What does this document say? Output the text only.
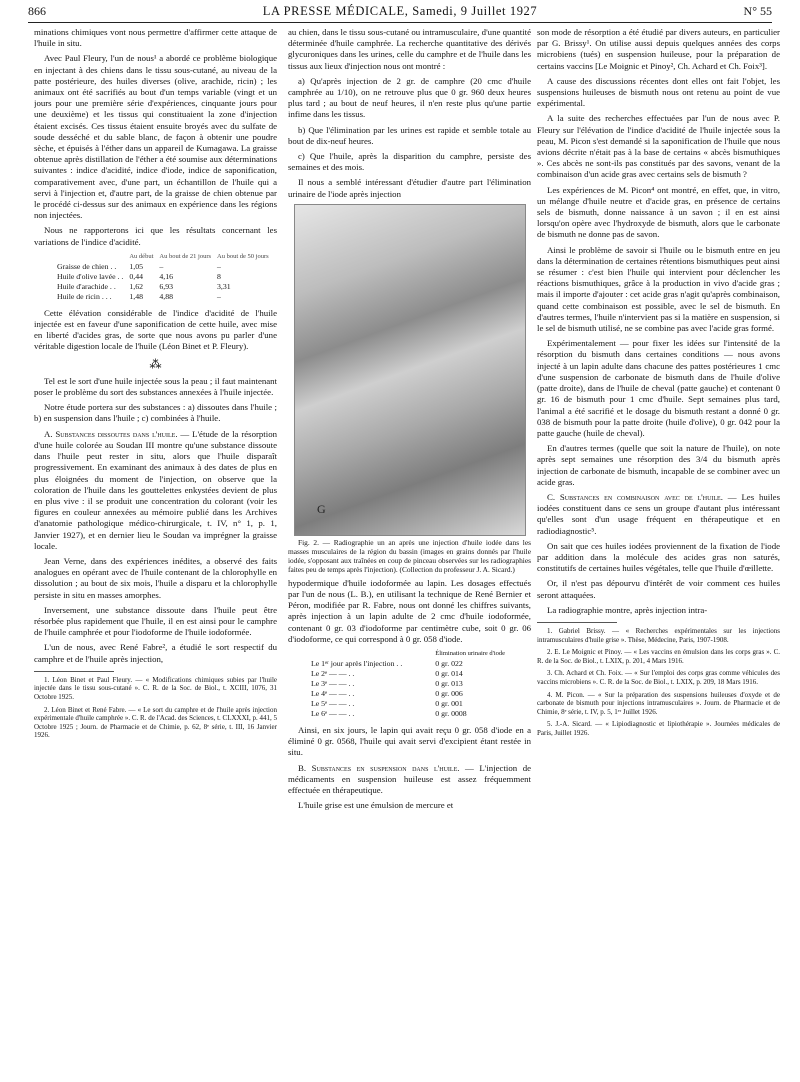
866	LA PRESSE MÉDICALE, Samedi, 9 Juillet 1927	N° 55

minations chimiques vont nous permettre d'affirmer cette attaque de l'huile in situ.

Avec Paul Fleury, l'un de nous¹ a abordé ce problème biologique en injectant à des chiens dans le tissu sous-cutané, au niveau de la patte postérieure, des huiles diverses (olive, arachide, ricin) ; les animaux ont été sacrifiés au bout d'un temps variable (vingt et un jours pour une première série d'expériences, cinquante jours pour une deuxième) et les tissus qui constituaient la zone d'injection étaient excisés. Ces tissus étaient ensuite broyés avec du sulfate de soude desséché et du sable blanc, de façon à obtenir une poudre sèche, et épuisés à l'éther dans un appareil de Kumagawa. La graisse obtenue après distillation de l'éther a été soumise aux déterminations suivantes : indice d'acidité, indice d'iode, indice de saponification, comparativement avec, d'une part, un échantillon de l'huile qui a servi à l'injection et, d'autre part, de la graisse de chien obtenue par le procédé ci-dessus sur des animaux en expérience dans les régions non injectées.

Nous ne rapporterons ici que les résultats concernant les variations de l'indice d'acidité.

	Au début	Au bout de 21 jours	Au bout de 50 jours
Graisse de chien . .	1,05	–	–
Huile d'olive lavée . .	0,44	4,16	8
Huile d'arachide . .	1,62	6,93	3,31
Huile de ricin . . .	1,48	4,88	–

Cette élévation considérable de l'indice d'acidité de l'huile injectée est en faveur d'une saponification de cette huile, avec mise en liberté d'acides gras, de sorte que nous avons pu parler d'une véritable digestion locale de l'huile (Léon Binet et P. Fleury).

⁂

Tel est le sort d'une huile injectée sous la peau ; il faut maintenant poser le problème du sort des substances annexées à l'huile injectée.

Notre étude portera sur des substances : a) dissoutes dans l'huile ; b) en suspension dans l'huile ; c) combinées à l'huile.

A. Substances dissoutes dans l'huile. — L'étude de la résorption d'une huile colorée au Soudan III montre qu'une substance dissoute dans l'huile peut rester in situ, alors que l'huile disparaît progressivement. En examinant des animaux à des dates de plus en plus éloignées du moment de l'injection, on observe que la coloration de l'huile dans les gouttelettes enkystées devient de plus en plus vive : il se produit une concentration du colorant (voir les figures en couleur annexées au mémoire publié dans les Archives d'anatomie pathologique médico-chirurgicale, t. IV, n° 1, p. 1, Janvier 1927), et en dernier lieu le Soudan va imprégner la graisse locale.

Jean Verne, dans des expériences inédites, a observé des faits analogues en opérant avec de l'huile contenant de la chlorophylle en dissolution ; au bout de six mois, l'huile a disparu et la chlorophylle persiste in situ en masses amorphes.

Inversement, une substance dissoute dans l'huile peut être résorbée plus rapidement que l'huile, il en est ainsi pour le camphre de l'huile camphrée et pour l'iodoforme de l'huile iodoformée.

L'un de nous, avec René Fabre², a étudié le sort respectif du camphre et de l'huile après injection,

1. Léon Binet et Paul Fleury. — « Modifications chimiques subies par l'huile injectée dans le tissu sous-cutané ». C. R. de la Soc. de Biol., t. XCIII, 1076, 31 Octobre 1925.

2. Léon Binet et René Fabre. — « Le sort du camphre et de l'huile après injection expérimentale d'huile camphrée ». C. R. de l'Acad. des Sciences, t. CLXXXI, p. 441, 5 Octobre 1925 ; Journ. de Pharmacie et de Chimie, p. 62, 8ᵉ série, t. III, 16 Janvier 1926.

au chien, dans le tissu sous-cutané ou intramusculaire, d'une quantité déterminée d'huile camphrée. La recherche quantitative des dérivés glycuroniques dans les urines, celle du camphre et de l'huile dans les tissus aux lieux d'injection nous ont montré :

a) Qu'après injection de 2 gr. de camphre (20 cmc d'huile camphrée au 1/10), on ne retrouve plus que 0 gr. 960 deux heures plus tard ; au bout de neuf heures, il n'en reste plus qu'une partie infime dans les tissus.

b) Que l'élimination par les urines est rapide et semble totale au bout de dix-neuf heures.

c) Que l'huile, après la disparition du camphre, persiste des semaines et des mois.

Il nous a semblé intéressant d'étudier d'autre part l'élimination urinaire de l'iode après injection

G

Fig. 2. — Radiographie un an après une injection d'huile iodée dans les masses musculaires de la région du bassin (images en grains donnés par l'huile iodée, s'opposant aux traînées en coup de pinceau observées sur les radiographies faites peu de temps après l'injection). (Collection du professeur J. A. Sicard.)

hypodermique d'huile iodoformée au lapin. Les dosages effectués par l'un de nous (L. B.), en utilisant la technique de René Bernier et Péron, modifiée par R. Fabre, nous ont donné les chiffres suivants, après injection à un lapin adulte de 2 cmc d'huile iodoformée, contenant 0 gr. 03 d'iodoforme par centimètre cube, soit 0 gr. 06 d'iodoforme, ce qui correspond à 0 gr. 058 d'iode.

	Élimination urinaire d'iode
Le 1ᵉʳ jour après l'injection . .	0 gr. 022
Le 2ᵉ — — . .	0 gr. 014
Le 3ᵉ — — . .	0 gr. 013
Le 4ᵉ — — . .	0 gr. 006
Le 5ᵉ — — . .	0 gr. 001
Le 6ᵉ — — . .	0 gr. 0008

Ainsi, en six jours, le lapin qui avait reçu 0 gr. 058 d'iode en a éliminé 0 gr. 0568, l'huile qui avait servi d'excipient étant restée in situ.

B. Substances en suspension dans l'huile. — L'injection de médicaments en suspension huileuse est assez fréquemment effectuée en thérapeutique.

L'huile grise est une émulsion de mercure et

son mode de résorption a été étudié par divers auteurs, en particulier par G. Brissy¹. On utilise aussi depuis quelques années des corps microbiens (tués) en suspension huileuse, pour la préparation de certains vaccins [Le Moignic et Pinoy², Ch. Achard et Ch. Foix³].

A cause des discussions récentes dont elles ont fait l'objet, les suspensions huileuses de bismuth nous ont retenu au point de vue expérimental.

A la suite des recherches effectuées par l'un de nous avec P. Fleury sur l'élévation de l'indice d'acidité de l'huile injectée sous la peau, M. Picon s'est demandé si la saponification de l'huile que nous avions décrite n'était pas à la base de certains « abcès bismuthiques ». Ces abcès ne sont-ils pas constitués par des savons, venant de la combinaison d'un acide gras avec certains sels de bismuth ?

Les expériences de M. Picon⁴ ont montré, en effet, que, in vitro, un mélange d'huile neutre et d'acide gras, en présence de certains sels de bismuth, donne naissance à un savon ; il en est ainsi lorsqu'on opère avec l'hydroxyde de bismuth, alors que le carbonate de bismuth ne donne pas de savon.

Ainsi le problème de savoir si l'huile ou le bismuth entre en jeu dans la détermination de certaines rétentions bismuthiques peut ainsi se résumer : c'est bien l'huile qui intervient pour déclencher les réactions bismuthiques, grâce à la production in vivo d'acide gras ; mais il importe d'ajouter : cet acide gras n'agit qu'après combinaison, quand cette combinaison est possible, avec le sel de bismuth. En d'autres termes, l'huile n'intervient pas si la matière en suspension, si le sel de bismuth utilisé, ne se combine pas avec l'acide gras formé.

Expérimentalement — pour fixer les idées sur l'intensité de la résorption du bismuth dans certaines conditions — nous avons injecté à un lapin adulte dans chacune des pattes postérieures 1 cmc d'une suspension de carbonate de bismuth dans de l'huile d'olive (patte droite), dans de l'huile de cheval (patte gauche) et contenant 0 gr. 16 de bismuth pour 1 cmc d'huile. Sept semaines plus tard, l'animal a été sacrifié et le dosage du bismuth restant a donné 0 gr. 038 de bismuth pour la patte droite (huile d'olive), 0 gr. 042 pour la patte gauche (huile de cheval).

En d'autres termes (quelle que soit la nature de l'huile), on note après sept semaines une résorption des 3/4 du bismuth après injection de carbonate de bismuth, incapable de se combiner avec un acide gras.

C. Substances en combinaison avec de l'huile. — Les huiles iodées constituent dans ce sens un groupe d'autant plus intéressant qu'elles sont d'un usage fréquent en thérapeutique et en radiodiagnostic⁵.

On sait que ces huiles iodées proviennent de la fixation de l'iode par addition dans la molécule des acides gras non saturés, constitutifs de certaines huiles végétales, telle que l'huile d'œillette.

Or, il n'est pas dépourvu d'intérêt de voir comment ces huiles seront attaquées.

La radiographie montre, après injection intra-

1. Gabriel Brissy. — « Recherches expérimentales sur les injections intramusculaires d'huile grise ». Thèse, Médecine, Paris, 1907-1908.

2. E. Le Moignic et Pinoy. — « Les vaccins en émulsion dans les corps gras ». C. R. de la Soc. de Biol., t. LXIX, p. 201, 4 Mars 1916.

3. Ch. Achard et Ch. Foix. — « Sur l'emploi des corps gras comme véhicules des vaccins microbiens ». C. R. de la Soc. de Biol., t. LXIX, p. 209, 18 Mars 1916.

4. M. Picon. — « Sur la préparation des suspensions huileuses d'oxyde et de carbonate de bismuth pour injections intramusculaires ». Journ. de Pharmacie et de Chimie, 8ᵉ série, t. IV, p. 5, 1ᵉʳ Juillet 1926.

5. J.-A. Sicard. — « Lipiodiagnostic et lipiothérapie ». Journées médicales de Paris, Juillet 1926.
